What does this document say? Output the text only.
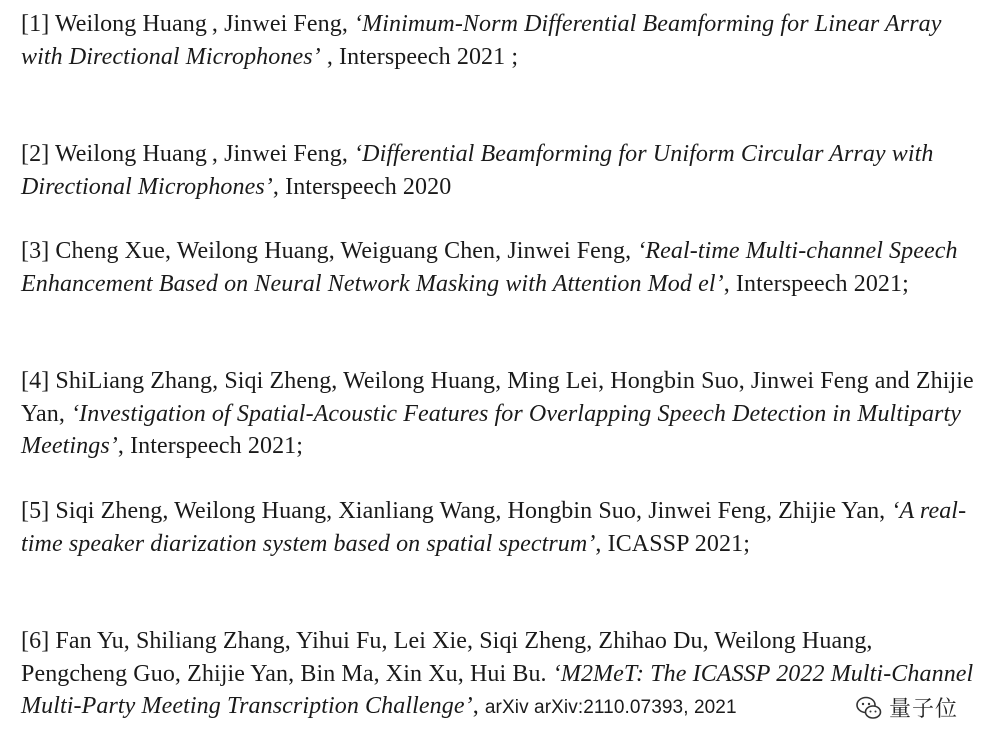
[1] Weilong Huang , Jinwei Feng, ‘Minimum-Norm Differential Beamforming for Linear Array with Directional Microphones’ , Interspeech 2021 ;
[2] Weilong Huang , Jinwei Feng, ‘Differential Beamforming for Uniform Circular Array with Directional Microphones’, Interspeech 2020
[3] Cheng Xue, Weilong Huang, Weiguang Chen, Jinwei Feng, ‘Real-time Multi-channel Speech Enhancement Based on Neural Network Masking with Attention Mod el’, Interspeech 2021;
[4] ShiLiang Zhang, Siqi Zheng, Weilong Huang, Ming Lei, Hongbin Suo, Jinwei Feng and Zhijie Yan, ‘Investigation of Spatial-Acoustic Features for Overlapping Speech Detection in Multiparty Meetings’, Interspeech 2021;
[5] Siqi Zheng, Weilong Huang, Xianliang Wang, Hongbin Suo, Jinwei Feng, Zhijie Yan, ‘A real-time speaker diarization system based on spatial spectrum’, ICASSP 2021;
[6] Fan Yu, Shiliang Zhang, Yihui Fu, Lei Xie, Siqi Zheng, Zhihao Du, Weilong Huang, Pengcheng Guo, Zhijie Yan, Bin Ma, Xin Xu, Hui Bu. ‘M2MeT: The ICASSP 2022 Multi-Channel Multi-Party Meeting Transcription Challenge’, arXiv arXiv:2110.07393, 2021	量子位
